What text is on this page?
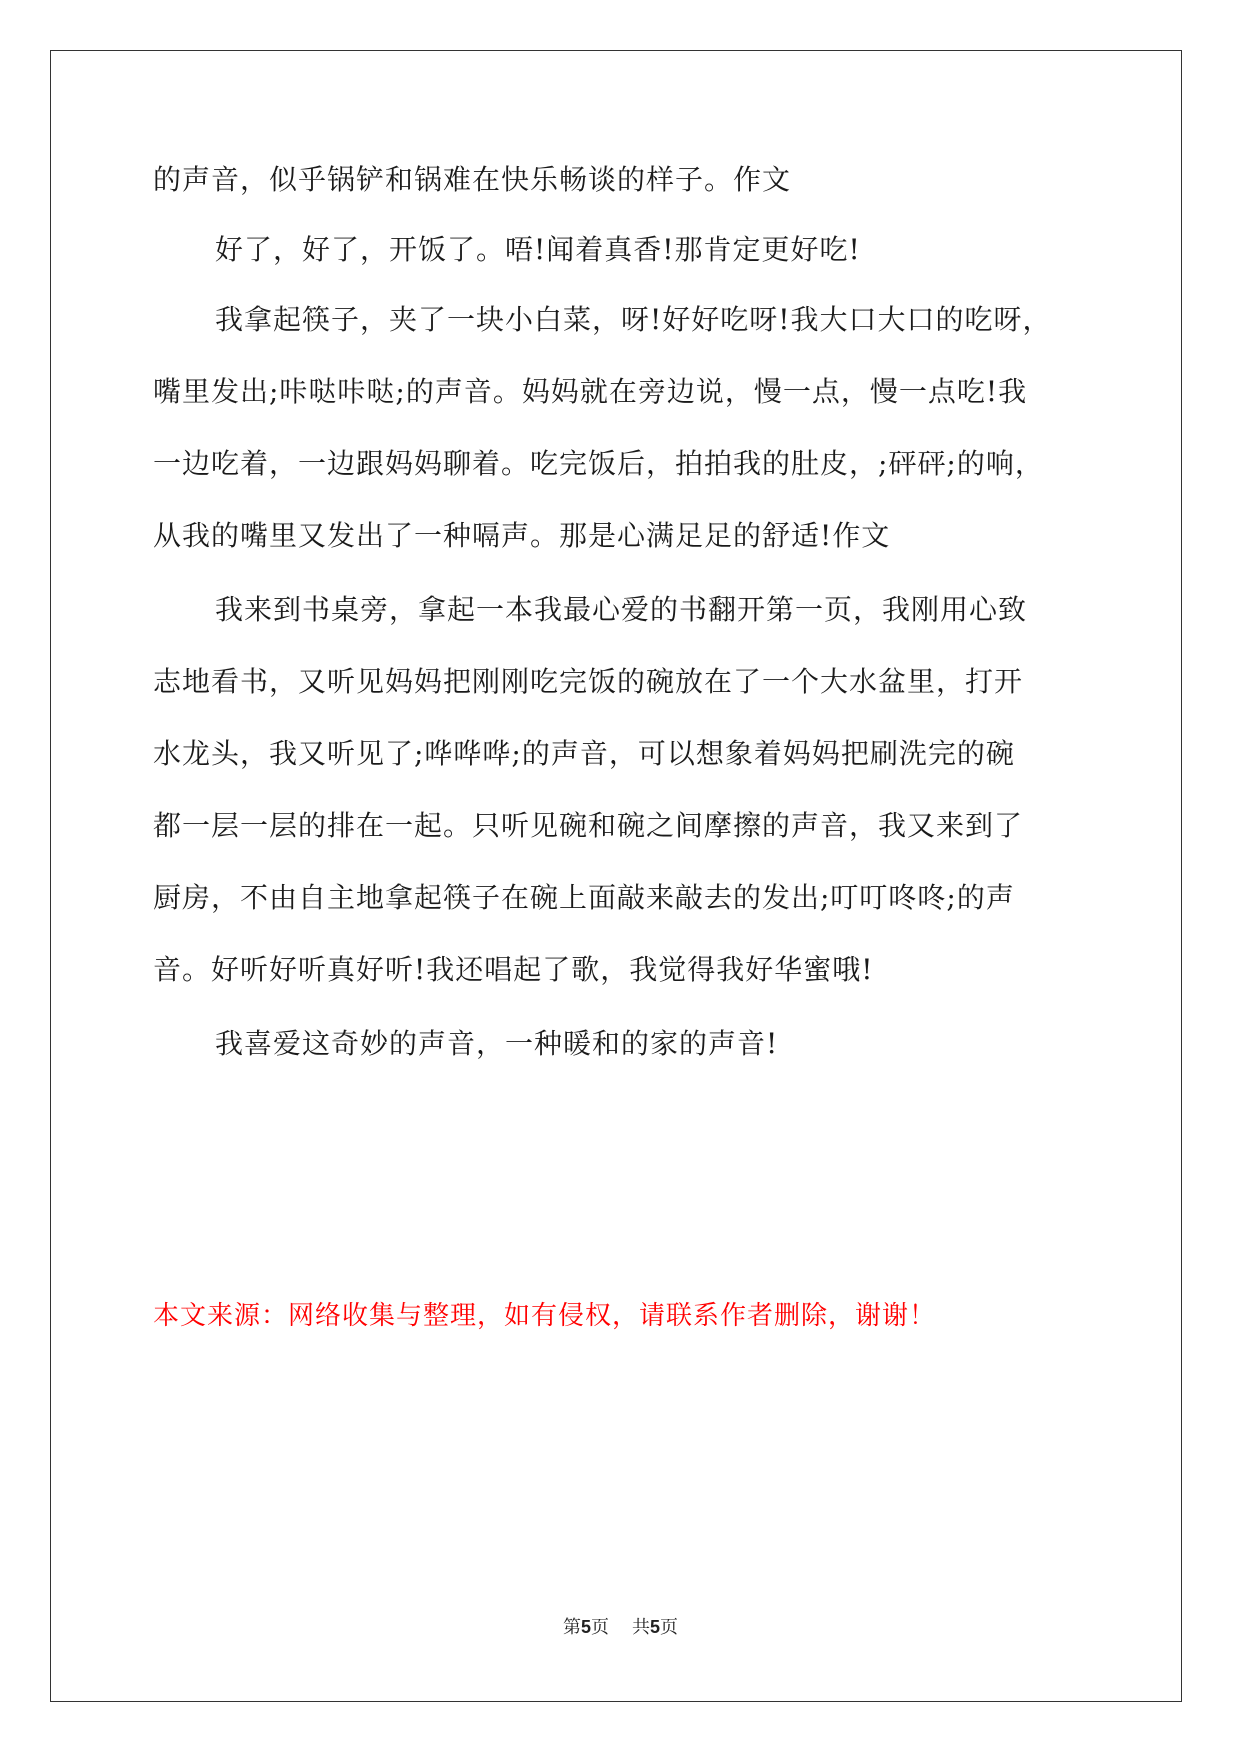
的声音，似乎锅铲和锅难在快乐畅谈的样子。作文
好了，好了，开饭了。唔!闻着真香!那肯定更好吃!
我拿起筷子，夹了一块小白菜，呀!好好吃呀!我大口大口的吃呀，
嘴里发出;咔哒咔哒;的声音。妈妈就在旁边说，慢一点，慢一点吃!我
一边吃着，一边跟妈妈聊着。吃完饭后，拍拍我的肚皮，;砰砰;的响，
从我的嘴里又发出了一种嗝声。那是心满足足的舒适!作文
我来到书桌旁，拿起一本我最心爱的书翻开第一页，我刚用心致
志地看书，又听见妈妈把刚刚吃完饭的碗放在了一个大水盆里，打开
水龙头，我又听见了;哗哗哗;的声音，可以想象着妈妈把刷洗完的碗
都一层一层的排在一起。只听见碗和碗之间摩擦的声音，我又来到了
厨房，不由自主地拿起筷子在碗上面敲来敲去的发出;叮叮咚咚;的声
音。好听好听真好听!我还唱起了歌，我觉得我好华蜜哦!
我喜爱这奇妙的声音，一种暖和的家的声音!
本文来源：网络收集与整理，如有侵权，请联系作者删除，谢谢！
第5页 共5页
